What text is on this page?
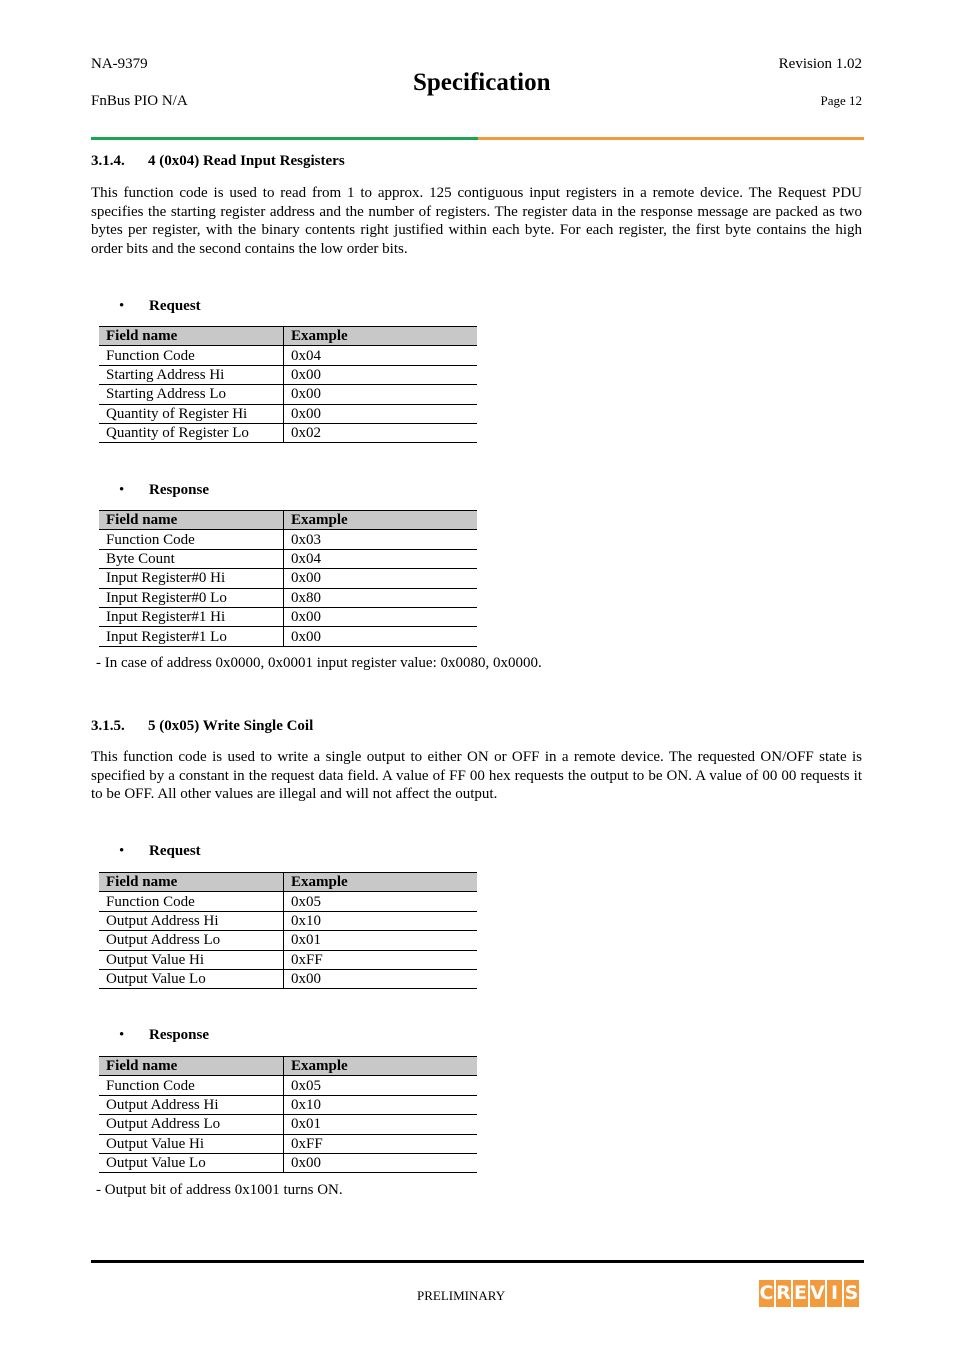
NA-9379
FnBus PIO N/A
Specification
Revision 1.02
Page 12
3.1.4. 4 (0x04) Read Input Resgisters
This function code is used to read from 1 to approx. 125 contiguous input registers in a remote device. The Request PDU specifies the starting register address and the number of registers. The register data in the response message are packed as two bytes per register, with the binary contents right justified within each byte. For each register, the first byte contains the high order bits and the second contains the low order bits.
• Request
Field name	Example
Function Code	0x04
Starting Address Hi	0x00
Starting Address Lo	0x00
Quantity of Register Hi	0x00
Quantity of Register Lo	0x02
• Response
Field name	Example
Function Code	0x03
Byte Count	0x04
Input Register#0 Hi	0x00
Input Register#0 Lo	0x80
Input Register#1 Hi	0x00
Input Register#1 Lo	0x00
- In case of address 0x0000, 0x0001 input register value: 0x0080, 0x0000.
3.1.5. 5 (0x05) Write Single Coil
This function code is used to write a single output to either ON or OFF in a remote device. The requested ON/OFF state is specified by a constant in the request data field. A value of FF 00 hex requests the output to be ON. A value of 00 00 requests it to be OFF. All other values are illegal and will not affect the output.
• Request
Field name	Example
Function Code	0x05
Output Address Hi	0x10
Output Address Lo	0x01
Output Value Hi	0xFF
Output Value Lo	0x00
• Response
Field name	Example
Function Code	0x05
Output Address Hi	0x10
Output Address Lo	0x01
Output Value Hi	0xFF
Output Value Lo	0x00
- Output bit of address 0x1001 turns ON.
PRELIMINARY	C R E V I S
